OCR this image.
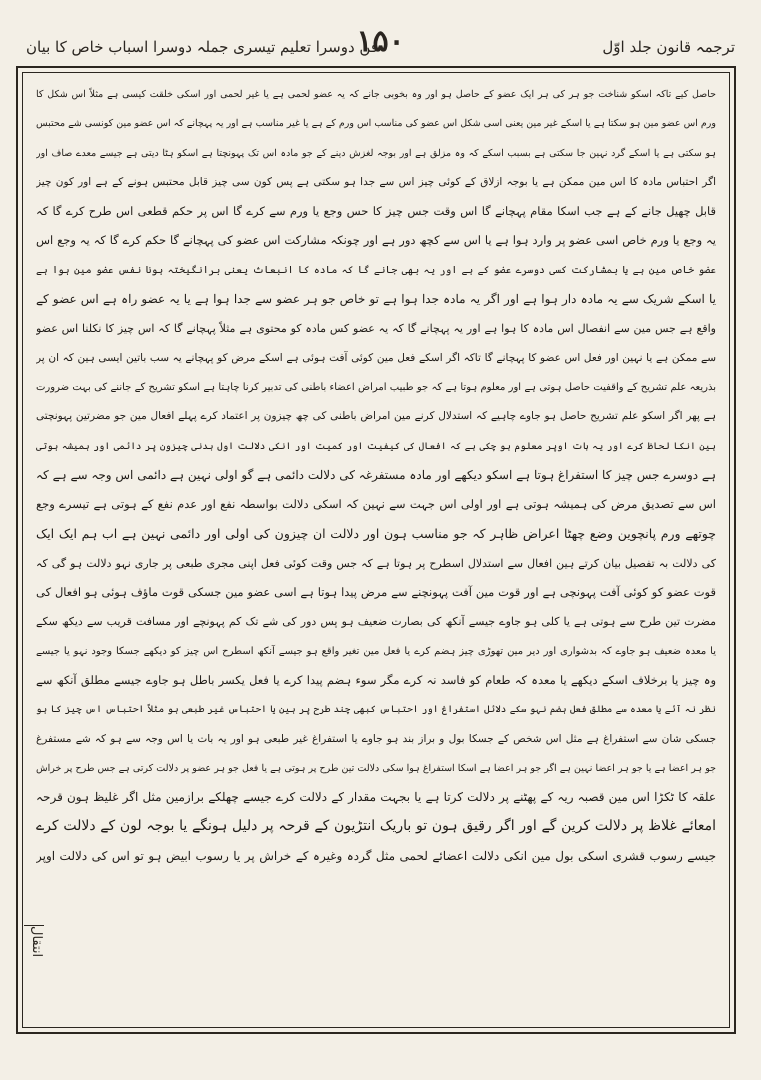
ترجمہ قانون جلد اوّل
۱۵۰
فن دوسرا تعلیم تیسری جملہ دوسرا اسباب خاص کا بیان
حاصل کیے تاکہ اسکو شناخت جو ہر کی ہر ایک عضو کے حاصل ہو اور وہ بخوبی جانے کہ یہ عضو لحمی ہے یا غیر لحمی اور اسکی خلقت کیسی ہے مثلاً اس شکل کا
ورم اس عضو مین ہو سکتا ہے یا اسکے غیر مین یعنی اسی شکل اس عضو کی مناسب اس ورم کے ہے یا غیر مناسب ہے اور یہ پہچانے کہ اس عضو مین کونسی شے محتبس
ہو سکتی ہے یا اسکے گرد نہین جا سکتی ہے بسبب اسکے کہ وہ مزلق ہے اور بوجہ لغزش دینے کے جو مادہ اس تک پہونچتا ہے اسکو ہٹا دیتی ہے جیسے معدے صاف اور
اگر احتباس مادہ کا اس مین ممکن ہے یا بوجہ ازلاق کے کوئی چیز اس سے جدا ہو سکتی ہے پس کون سی چیز قابل محتبس ہونے کے ہے اور کون چیز
قابل چھیل جانے کے ہے جب اسکا مقام پہچانے گا اس وقت جس چیز کا حس وجع یا ورم سے کرے گا اس پر حکم قطعی اس طرح کرے گا کہ
یہ وجع یا ورم خاص اسی عضو پر وارد ہوا ہے یا اس سے کچھ دور ہے اور چونکہ مشارکت اس عضو کی پہچانے گا حکم کرے گا کہ یہ وجع اس
عضو خاص مین ہے یا بمشارکت کسی دوسرے عضو کے ہے اور یہ بھی جانے گا کہ مادہ کا انبعاث یعنی برانگیختہ ہونا نفس عضو مین ہوا ہے
یا اسکے شریک سے یہ مادہ دار ہوا ہے اور اگر یہ مادہ جدا ہوا ہے تو خاص جو ہر عضو سے جدا ہوا ہے یا یہ عضو راہ ہے اس عضو کے
واقع ہے جس مین سے انفصال اس مادہ کا ہوا ہے اور یہ پہچانے گا کہ یہ عضو کس مادہ کو محتوی ہے مثلاً پہچانے گا کہ اس چیز کا نکلنا اس عضو
سے ممکن ہے یا نہین اور فعل اس عضو کا پہچانے گا تاکہ اگر اسکے فعل مین کوئی آفت ہوئی ہے اسکے مرض کو پہچانے یہ سب باتین ایسی ہین کہ ان پر
بذریعہ علم تشریح کے واقفیت حاصل ہوتی ہے اور معلوم ہوتا ہے کہ جو طبیب امراض اعضاء باطنی کی تدبیر کرنا چاہتا ہے اسکو تشریح کے جاننے کی بہت ضرورت
ہے پھر اگر اسکو علم تشریح حاصل ہو جاوے چاہیے کہ استدلال کرنے مین امراض باطنی کی چھ چیزون پر اعتماد کرے پہلے افعال مین جو مضرتین پہونچتی
ہین انکا لحاظ کرے اور یہ بات اوپر معلوم ہو چکی ہے کہ افعال کی کیفیت اور کمیت اور انکی دلالت اول بدنی چیزون پر دائمی اور ہمیشہ ہوتی
ہے دوسرے جس چیز کا استفراغ ہوتا ہے اسکو دیکھے اور مادہ مستفرغہ کی دلالت دائمی ہے گو اولی نہین ہے دائمی اس وجہ سے ہے کہ
اس سے تصدیق مرض کی ہمیشہ ہوتی ہے اور اولی اس جہت سے نہین کہ اسکی دلالت بواسطہ نفع اور عدم نفع کے ہوتی ہے تیسرے وجع
چوتھے ورم پانچوین وضع چھٹا اعراض ظاہر کہ جو مناسب ہون اور دلالت ان چیزون کی اولی اور دائمی نہین ہے اب ہم ایک ایک
کی دلالت بہ تفصیل بیان کرتے ہین افعال سے استدلال اسطرح پر ہوتا ہے کہ جس وقت کوئی فعل اپنی مجری طبعی پر جاری نہو دلالت ہو گی کہ
قوت عضو کو کوئی آفت پہونچی ہے اور قوت مین آفت پہونچنے سے مرض پیدا ہوتا ہے اسی عضو مین جسکی قوت ماؤف ہوئی ہو افعال کی
مضرت تین طرح سے ہوتی ہے یا کلی ہو جاوے جیسے آنکھ کی بصارت ضعیف ہو پس دور کی شے تک کم پہونچے اور مسافت قریب سے دیکھ سکے
یا معدہ ضعیف ہو جاوے کہ بدشواری اور دیر مین تھوڑی چیز ہضم کرے یا فعل مین تغیر واقع ہو جیسے آنکھ اسطرح اس چیز کو دیکھے جسکا وجود نہو یا جیسے
وہ چیز یا برخلاف اسکے دیکھے یا معدہ کہ طعام کو فاسد نہ کرے مگر سوء ہضم پیدا کرے یا فعل یکسر باطل ہو جاوے جیسے مطلق آنکھ سے
نظر نہ آئے یا معدہ سے مطلق فعل ہضم نہو سکے دلائل استفراغ اور احتباس کبھی چند طرح پر ہین یا احتباس غیر طبعی ہو مثلاً احتباس اس چیز کا ہو
جسکی شان سے استفراغ ہے مثل اس شخص کے جسکا بول و براز بند ہو جاوے یا استفراغ غیر طبعی ہو اور یہ بات یا اس وجہ سے ہو کہ شے مستفرغ
جو ہر اعضا ہے یا جو ہر اعضا نہین ہے اگر جو ہر اعضا ہے اسکا استفراغ ہوا سکی دلالت تین طرح پر ہوتی ہے یا فعل جو ہر عضو پر دلالت کرتی ہے جس طرح پر خراش
علقہ کا ٹکڑا اس مین قصبہ ریہ کے پھٹنے پر دلالت کرتا ہے یا بجہت مقدار کے دلالت کرے جیسے چھلکے برازمین مثل اگر غلیظ ہون قرحہ
امعائے غلاظ پر دلالت کرین گے اور اگر رقیق ہون تو باریک انتڑیون کے قرحہ پر دلیل ہونگے یا بوجہ لون کے دلالت کرے
جیسے رسوب قشری اسکی بول مین انکی دلالت اعضائے لحمی مثل گردہ وغیرہ کے خراش پر یا رسوب ابیض ہو تو اس کی دلالت اوپر
انتقال
